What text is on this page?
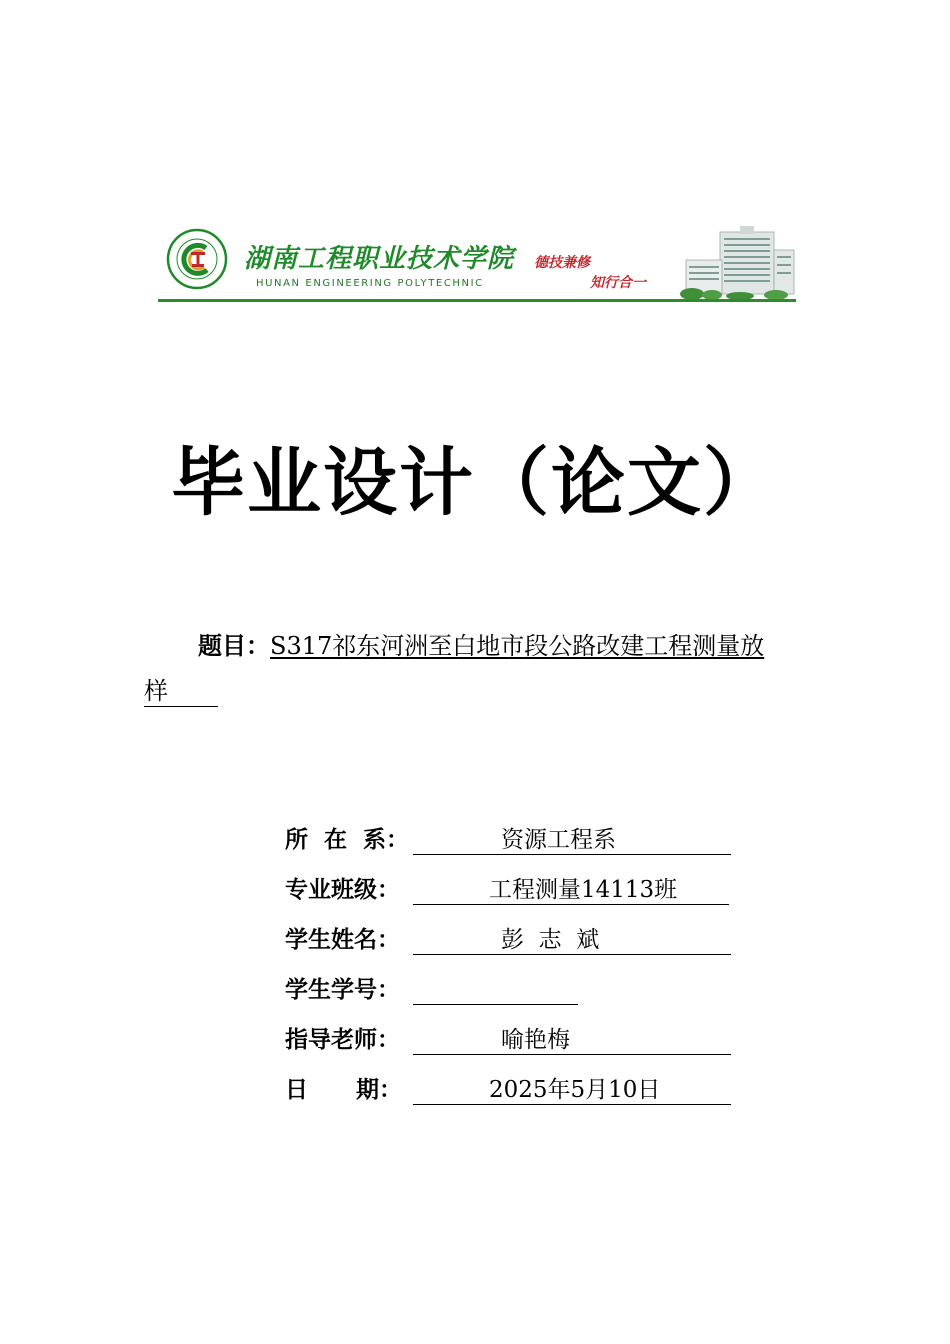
湖南工程职业技术学院
HUNAN ENGINEERING POLYTECHNIC
德技兼修
知行合一
毕业设计（论文）
题目：S317祁东河洲至白地市段公路改建工程测量放
样
所  在  系：	资源工程系
专业班级：	工程测量14113班
学生姓名：	彭  志  斌
学生学号：
指导老师：	喻艳梅
日      期：	2025年5月10日
